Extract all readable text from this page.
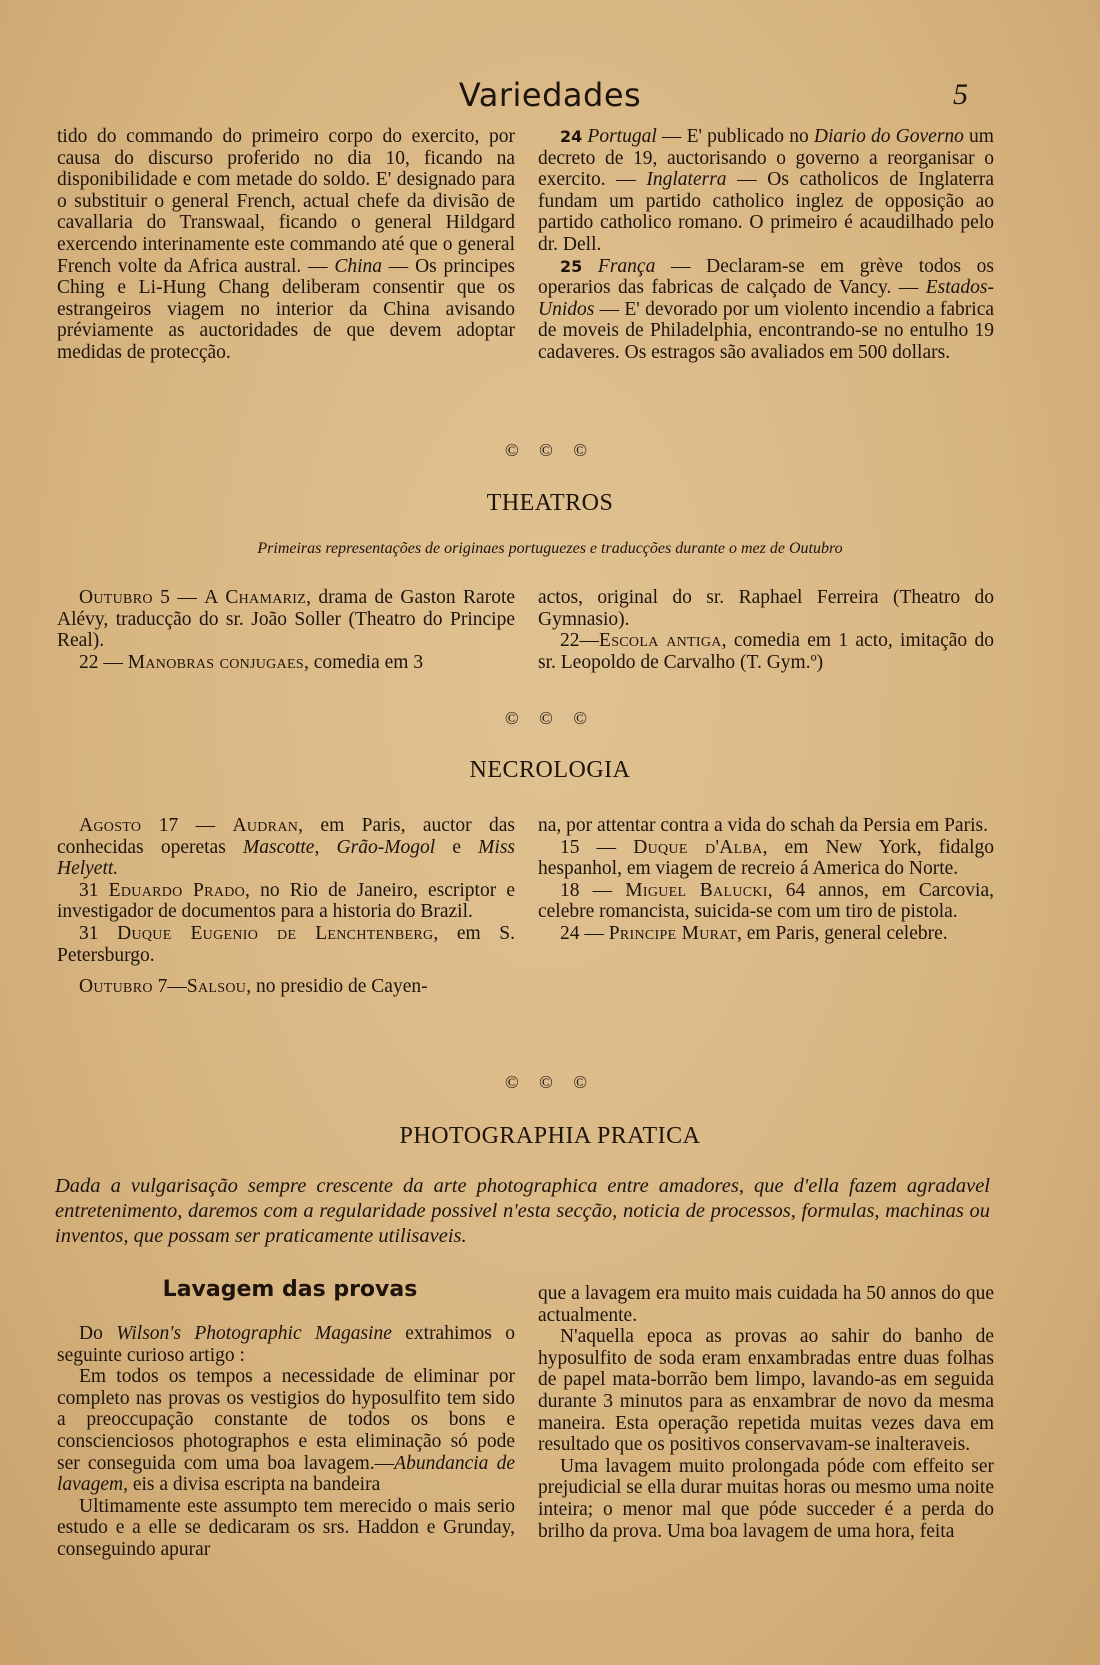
Variedades	5

tido do commando do primeiro corpo do exercito, por causa do discurso proferido no dia 10, ficando na disponibilidade e com metade do soldo. E' designado para o substituir o general French, actual chefe da divisão de cavallaria do Transwaal, ficando o general Hildgard exercendo interinamente este commando até que o general French volte da Africa austral. — China — Os principes Ching e Li-Hung Chang deliberam consentir que os estrangeiros viagem no interior da China avisando préviamente as auctoridades de que devem adoptar medidas de protecção.

24 Portugal — E' publicado no Diario do Governo um decreto de 19, auctorisando o governo a reorganisar o exercito. — Inglaterra — Os catholicos de Inglaterra fundam um partido catholico inglez de opposição ao partido catholico romano. O primeiro é acaudilhado pelo dr. Dell.

25 França — Declaram-se em grève todos os operarios das fabricas de calçado de Vancy. — Estados-Unidos — E' devorado por um violento incendio a fabrica de moveis de Philadelphia, encontrando-se no entulho 19 cadaveres. Os estragos são avaliados em 500 dollars.

© © ©
THEATROS
Primeiras representações de originaes portuguezes e traducções durante o mez de Outubro

Outubro 5 — A Chamariz, drama de Gaston Rarote Alévy, traducção do sr. João Soller (Theatro do Principe Real).

22 — Manobras conjugaes, comedia em 3

actos, original do sr. Raphael Ferreira (Theatro do Gymnasio).

22—Escola antiga, comedia em 1 acto, imitação do sr. Leopoldo de Carvalho (T. Gym.º)

© © ©
NECROLOGIA

Agosto 17 — Audran, em Paris, auctor das conhecidas operetas Mascotte, Grão-Mogol e Miss Helyett.

31 Eduardo Prado, no Rio de Janeiro, escriptor e investigador de documentos para a historia do Brazil.

31 Duque Eugenio de Lenchtenberg, em S. Petersburgo.

Outubro 7—Salsou, no presidio de Cayen-

na, por attentar contra a vida do schah da Persia em Paris.

15 — Duque d'Alba, em New York, fidalgo hespanhol, em viagem de recreio á America do Norte.

18 — Miguel Balucki, 64 annos, em Carcovia, celebre romancista, suicida-se com um tiro de pistola.

24 — Principe Murat, em Paris, general celebre.

© © ©
PHOTOGRAPHIA PRATICA
Dada a vulgarisação sempre crescente da arte photographica entre amadores, que d'ella fazem agradavel entretenimento, daremos com a regularidade possivel n'esta secção, noticia de processos, formulas, machinas ou inventos, que possam ser praticamente utilisaveis.
Lavagem das provas

Do Wilson's Photographic Magasine extrahimos o seguinte curioso artigo :

Em todos os tempos a necessidade de eliminar por completo nas provas os vestigios do hyposulfito tem sido a preoccupação constante de todos os bons e conscienciosos photographos e esta eliminação só pode ser conseguida com uma boa lavagem.—Abundancia de lavagem, eis a divisa escripta na bandeira

Ultimamente este assumpto tem merecido o mais serio estudo e a elle se dedicaram os srs. Haddon e Grunday, conseguindo apurar

que a lavagem era muito mais cuidada ha 50 annos do que actualmente.

N'aquella epoca as provas ao sahir do banho de hyposulfito de soda eram enxambradas entre duas folhas de papel mata-borrão bem limpo, lavando-as em seguida durante 3 minutos para as enxambrar de novo da mesma maneira. Esta operação repetida muitas vezes dava em resultado que os positivos conservavam-se inalteraveis.

Uma lavagem muito prolongada póde com effeito ser prejudicial se ella durar muitas horas ou mesmo uma noite inteira; o menor mal que póde succeder é a perda do brilho da prova. Uma boa lavagem de uma hora, feita
